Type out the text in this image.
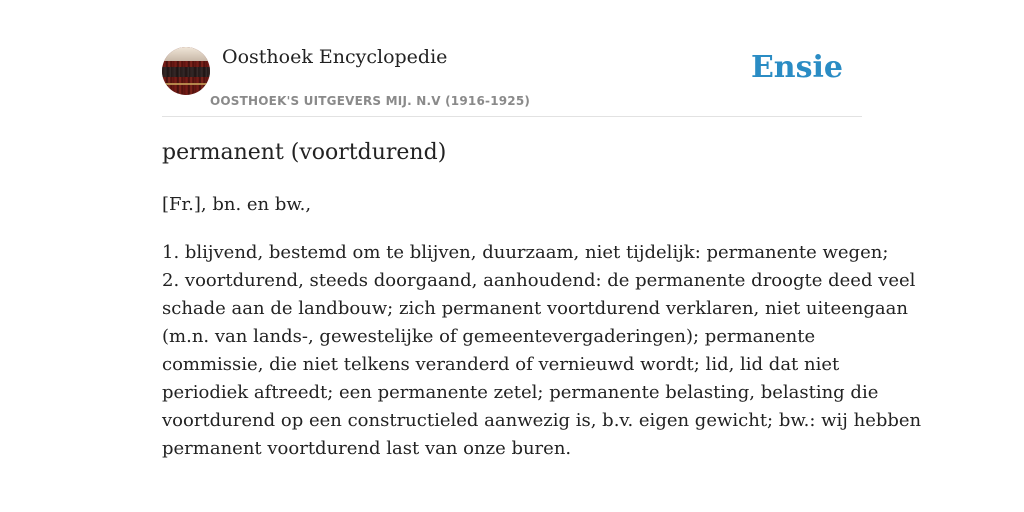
Oosthoek Encyclopedie	Ensie
OOSTHOEK'S UITGEVERS MIJ. N.V (1916-1925)
permanent (voortdurend)
[Fr.], bn. en bw.,
1. blijvend, bestemd om te blijven, duurzaam, niet tijdelijk: permanente wegen;
2. voortdurend, steeds doorgaand, aanhoudend: de permanente droogte deed veel
schade aan de landbouw; zich permanent voortdurend verklaren, niet uiteengaan
(m.n. van lands-, gewestelijke of gemeentevergaderingen); permanente
commissie, die niet telkens veranderd of vernieuwd wordt; lid, lid dat niet
periodiek aftreedt; een permanente zetel; permanente belasting, belasting die
voortdurend op een constructieled aanwezig is, b.v. eigen gewicht; bw.: wij hebben
permanent voortdurend last van onze buren.
